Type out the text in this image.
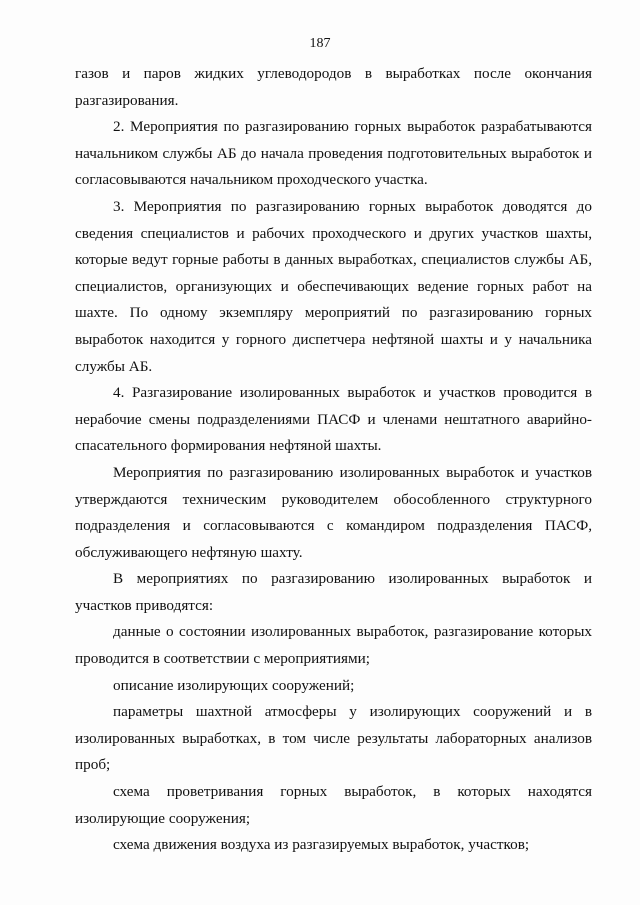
187

газов и паров жидких углеводородов в выработках после окончания разгазирования.

2. Мероприятия по разгазированию горных выработок разрабатываются начальником службы АБ до начала проведения подготовительных выработок и согласовываются начальником проходческого участка.

3. Мероприятия по разгазированию горных выработок доводятся до сведения специалистов и рабочих проходческого и других участков шахты, которые ведут горные работы в данных выработках, специалистов службы АБ, специалистов, организующих и обеспечивающих ведение горных работ на шахте. По одному экземпляру мероприятий по разгазированию горных выработок находится у горного диспетчера нефтяной шахты и у начальника службы АБ.

4. Разгазирование изолированных выработок и участков проводится в нерабочие смены подразделениями ПАСФ и членами нештатного аварийно-спасательного формирования нефтяной шахты.

Мероприятия по разгазированию изолированных выработок и участков утверждаются техническим руководителем обособленного структурного подразделения и согласовываются с командиром подразделения ПАСФ, обслуживающего нефтяную шахту.

В мероприятиях по разгазированию изолированных выработок и участков приводятся:

данные о состоянии изолированных выработок, разгазирование которых проводится в соответствии с мероприятиями;

описание изолирующих сооружений;

параметры шахтной атмосферы у изолирующих сооружений и в изолированных выработках, в том числе результаты лабораторных анализов проб;

схема проветривания горных выработок, в которых находятся изолирующие сооружения;

схема движения воздуха из разгазируемых выработок, участков;
